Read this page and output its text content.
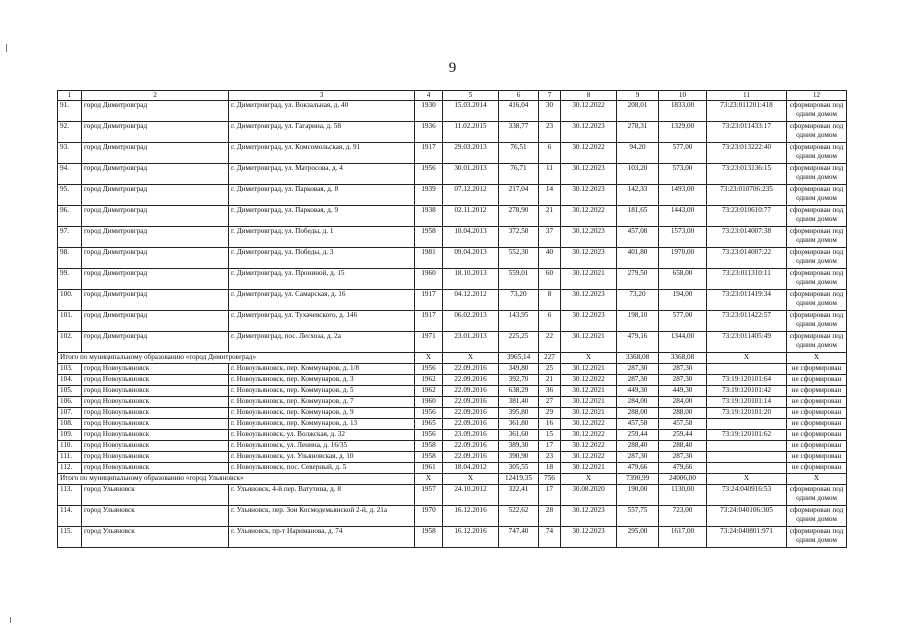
9
1	2	3	4	5	6	7	8	9	10	11	12
91.	город Димитровград	г. Димитровград, ул. Вокзальная, д. 40	1930	15.03.2014	416,04	30	30.12.2022	208,01	1833,00	73:23:011201:418	сформирован под одним домом
92.	город Димитровград	г. Димитровград, ул. Гагарина, д. 58	1936	11.02.2015	338,77	23	30.12.2023	278,31	1329,00	73:23:011433:17	сформирован под одним домом
93.	город Димитровград	г. Димитровград, ул. Комсомольская, д. 91	1917	29.03.2013	76,51	6	30.12.2022	94,20	577,00	73:23:013222:40	сформирован под одним домом
94.	город Димитровград	г. Димитровград, ул. Матросова, д. 4	1956	30.01.2013	76,71	11	30.12.2023	103,20	573,00	73:23:013136:15	сформирован под одним домом
95.	город Димитровград	г. Димитровград, ул. Парковая, д. 8	1939	07.12.2012	217,04	14	30.12.2023	142,33	1493,00	73:23:010706:235	сформирован под одним домом
96.	город Димитровград	г. Димитровград, ул. Парковая, д. 9	1938	02.11.2012	278,90	21	30.12.2022	181,65	1443,00	73:23:010610:77	сформирован под одним домом
97.	город Димитровград	г. Димитровград, ул. Победы, д. 1	1958	10.04.2013	372,58	37	30.12.2023	457,08	1573,00	73:23:014007:38	сформирован под одним домом
98.	город Димитровград	г. Димитровград, ул. Победы, д. 3	1981	09.04.2013	552,30	40	30.12.2023	401,80	1970,00	73:23:014007:22	сформирован под одним домом
99.	город Димитровград	г. Димитровград, ул. Прониной, д. 15	1960	18.10.2013	559,01	60	30.12.2021	279,50	658,00	73:23:011310:11	сформирован под одним домом
100.	город Димитровград	г. Димитровград, ул. Самарская, д. 16	1917	04.12.2012	73,20	8	30.12.2023	73,20	194,00	73:23:011419:34	сформирован под одним домом
101.	город Димитровград	г. Димитровград, ул. Тухачевского, д. 146	1917	06.02.2013	143,95	6	30.12.2023	198,10	577,00	73:23:011422:57	сформирован под одним домом
102.	город Димитровград	г. Димитровград, пос. Лесхоза, д. 2а	1971	23.01.2013	225,25	22	30.12.2021	479,16	1344,00	73:23:011405:49	сформирован под одним домом
Итого по муниципальному образованию «город Димитровград»			X	X	3965,14	227	X	3368,08	3368,08	X	X
103.	город Новоульяновск	г. Новоульяновск, пер. Коммунаров, д. 1/8	1956	22.09.2016	349,80	25	30.12.2021	287,30	287,30		не сформирован
104.	город Новоульяновск	г. Новоульяновск, пер. Коммунаров, д. 3	1962	22.09.2016	392,70	21	30.12.2022	287,30	287,30	73:19:120101:64	не сформирован
105.	город Новоульяновск	г. Новоульяновск, пер. Коммунаров, д. 5	1962	22.09.2016	638,29	36	30.12.2021	449,30	449,30	73:19:120101:42	не сформирован
106.	город Новоульяновск	г. Новоульяновск, пер. Коммунаров, д. 7	1960	22.09.2016	381,40	27	30.12.2021	284,00	284,00	73:19:120101:14	не сформирован
107.	город Новоульяновск	г. Новоульяновск, пер. Коммунаров, д. 9	1956	22.09.2016	395,80	29	30.12.2021	288,00	288,00	73:19:120101:20	не сформирован
108.	город Новоульяновск	г. Новоульяновск, пер. Коммунаров, д. 13	1965	22.09.2016	361,80	16	30.12.2022	457,58	457,58		не сформирован
109.	город Новоульяновск	г. Новоульяновск, ул. Волжская, д. 32	1956	23.09.2016	361,60	15	30.12.2022	259,44	259,44	73:19:120101:62	не сформирован
110.	город Новоульяновск	г. Новоульяновск, ул. Ленина, д. 16/35	1958	22.09.2016	389,30	17	30.12.2022	288,40	288,40		не сформирован
111.	город Новоульяновск	г. Новоульяновск, ул. Ульяновская, д. 10	1958	22.09.2016	390,90	23	30.12.2022	287,30	287,30		не сформирован
112.	город Новоульяновск	г. Новоульяновск, пос. Северный, д. 5	1961	18.04.2012	305,55	18	30.12.2021	479,66	479,66		не сформирован
Итого по муниципальному образованию «город Ульяновск»			X	X	12419,35	756	X	7390,99	24006,00	X	X
113.	город Ульяновск	г. Ульяновск, 4-й пер. Ватутина, д. 8	1957	24.10.2012	322,41	17	30.08.2020	190,00	1130,00	73:24:040916:53	сформирован под одним домом
114.	город Ульяновск	г. Ульяновск, пер. Зои Космодемьянской 2-й, д. 21а	1970	16.12.2016	522,62	28	30.12.2023	557,75	723,00	73:24:040106:305	сформирован под одним домом
115.	город Ульяновск	г. Ульяновск, пр-т Нариманова, д. 74	1958	16.12.2016	747,40	74	30.12.2023	295,00	1617,00	73:24:040801:971	сформирован под одним домом
